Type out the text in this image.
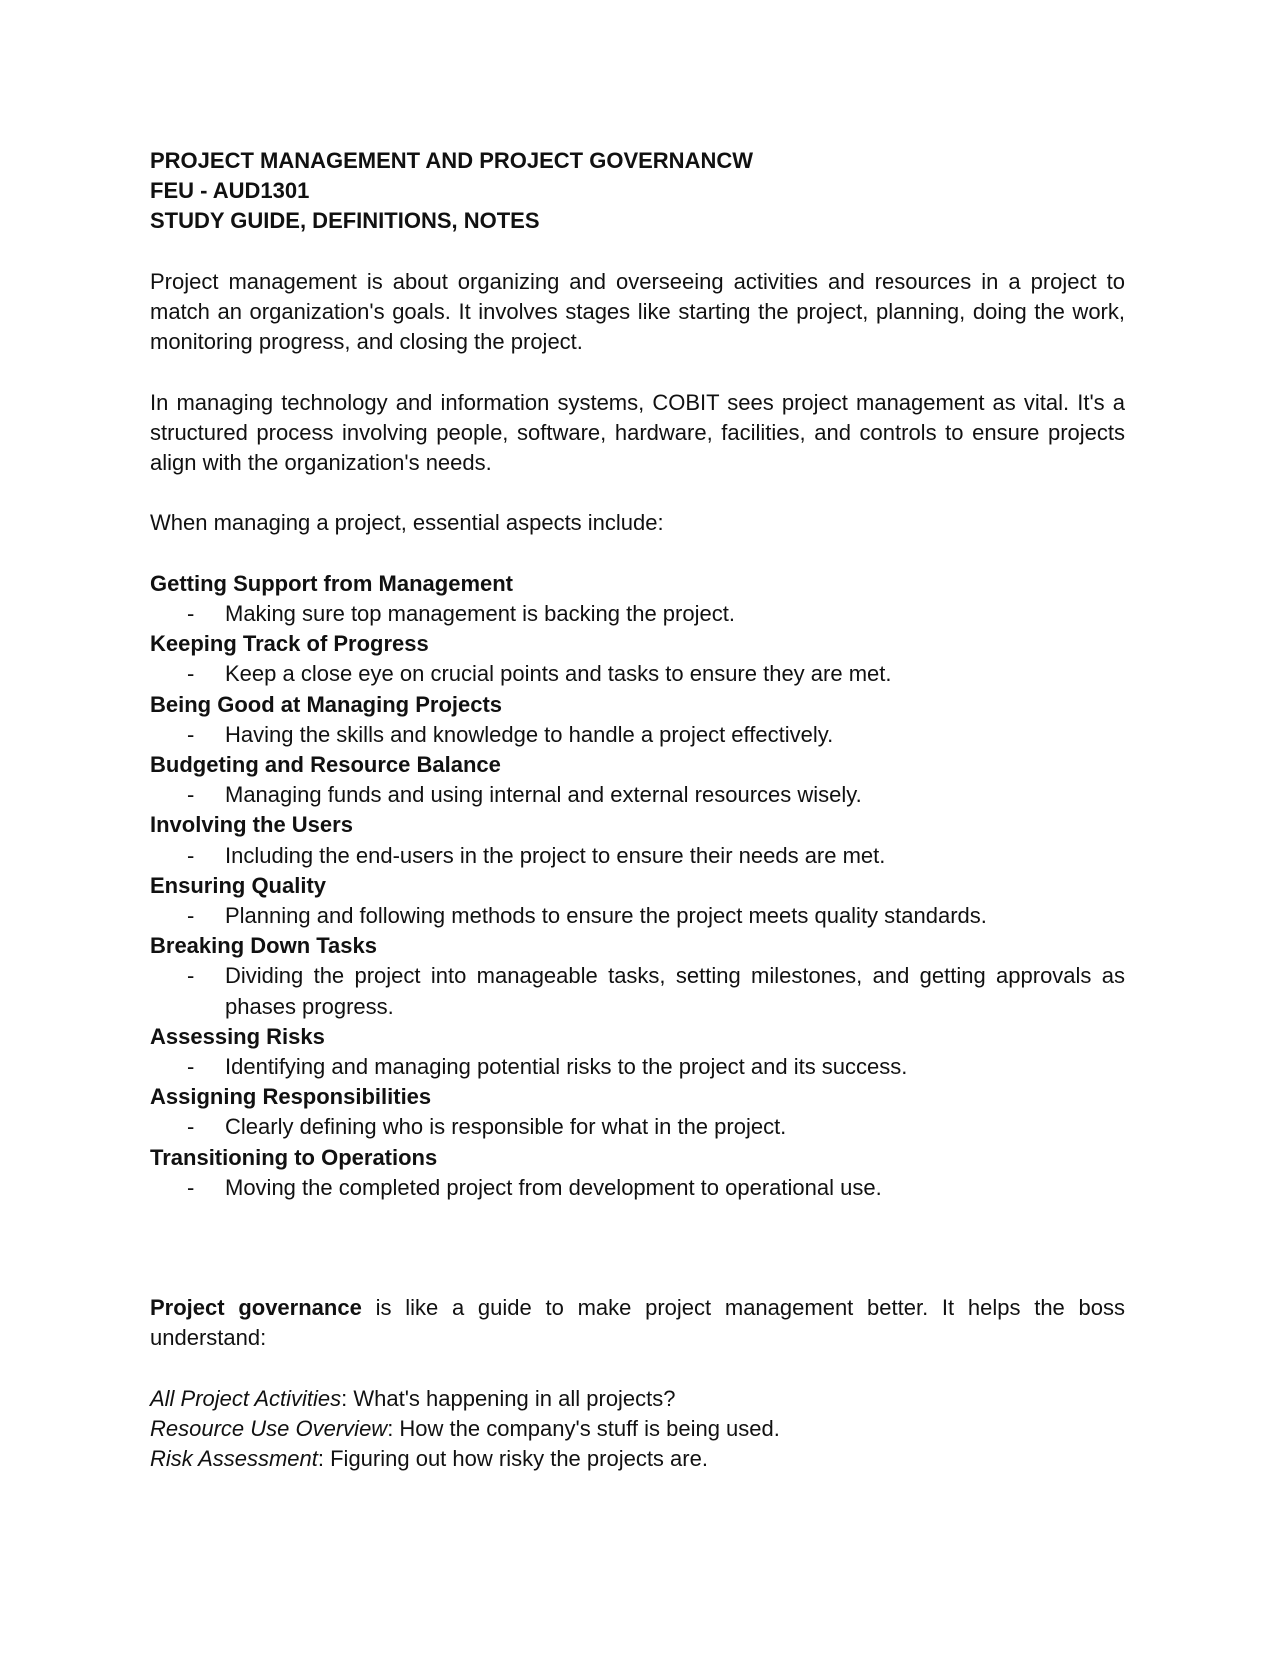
PROJECT MANAGEMENT AND PROJECT GOVERNANCW

FEU - AUD1301

STUDY GUIDE, DEFINITIONS, NOTES

Project management is about organizing and overseeing activities and resources in a project to match an organization's goals. It involves stages like starting the project, planning, doing the work, monitoring progress, and closing the project.

In managing technology and information systems, COBIT sees project management as vital. It's a structured process involving people, software, hardware, facilities, and controls to ensure projects align with the organization's needs.

When managing a project, essential aspects include:

Getting Support from Management

-	Making sure top management is backing the project.

Keeping Track of Progress

-	Keep a close eye on crucial points and tasks to ensure they are met.

Being Good at Managing Projects

-	Having the skills and knowledge to handle a project effectively.

Budgeting and Resource Balance

-	Managing funds and using internal and external resources wisely.

Involving the Users

-	Including the end-users in the project to ensure their needs are met.

Ensuring Quality

-	Planning and following methods to ensure the project meets quality standards.

Breaking Down Tasks

-	Dividing the project into manageable tasks, setting milestones, and getting approvals as phases progress.

Assessing Risks

-	Identifying and managing potential risks to the project and its success.

Assigning Responsibilities

-	Clearly defining who is responsible for what in the project.

Transitioning to Operations

-	Moving the completed project from development to operational use.

Project governance is like a guide to make project management better. It helps the boss understand:

All Project Activities: What's happening in all projects?

Resource Use Overview: How the company's stuff is being used.

Risk Assessment: Figuring out how risky the projects are.
